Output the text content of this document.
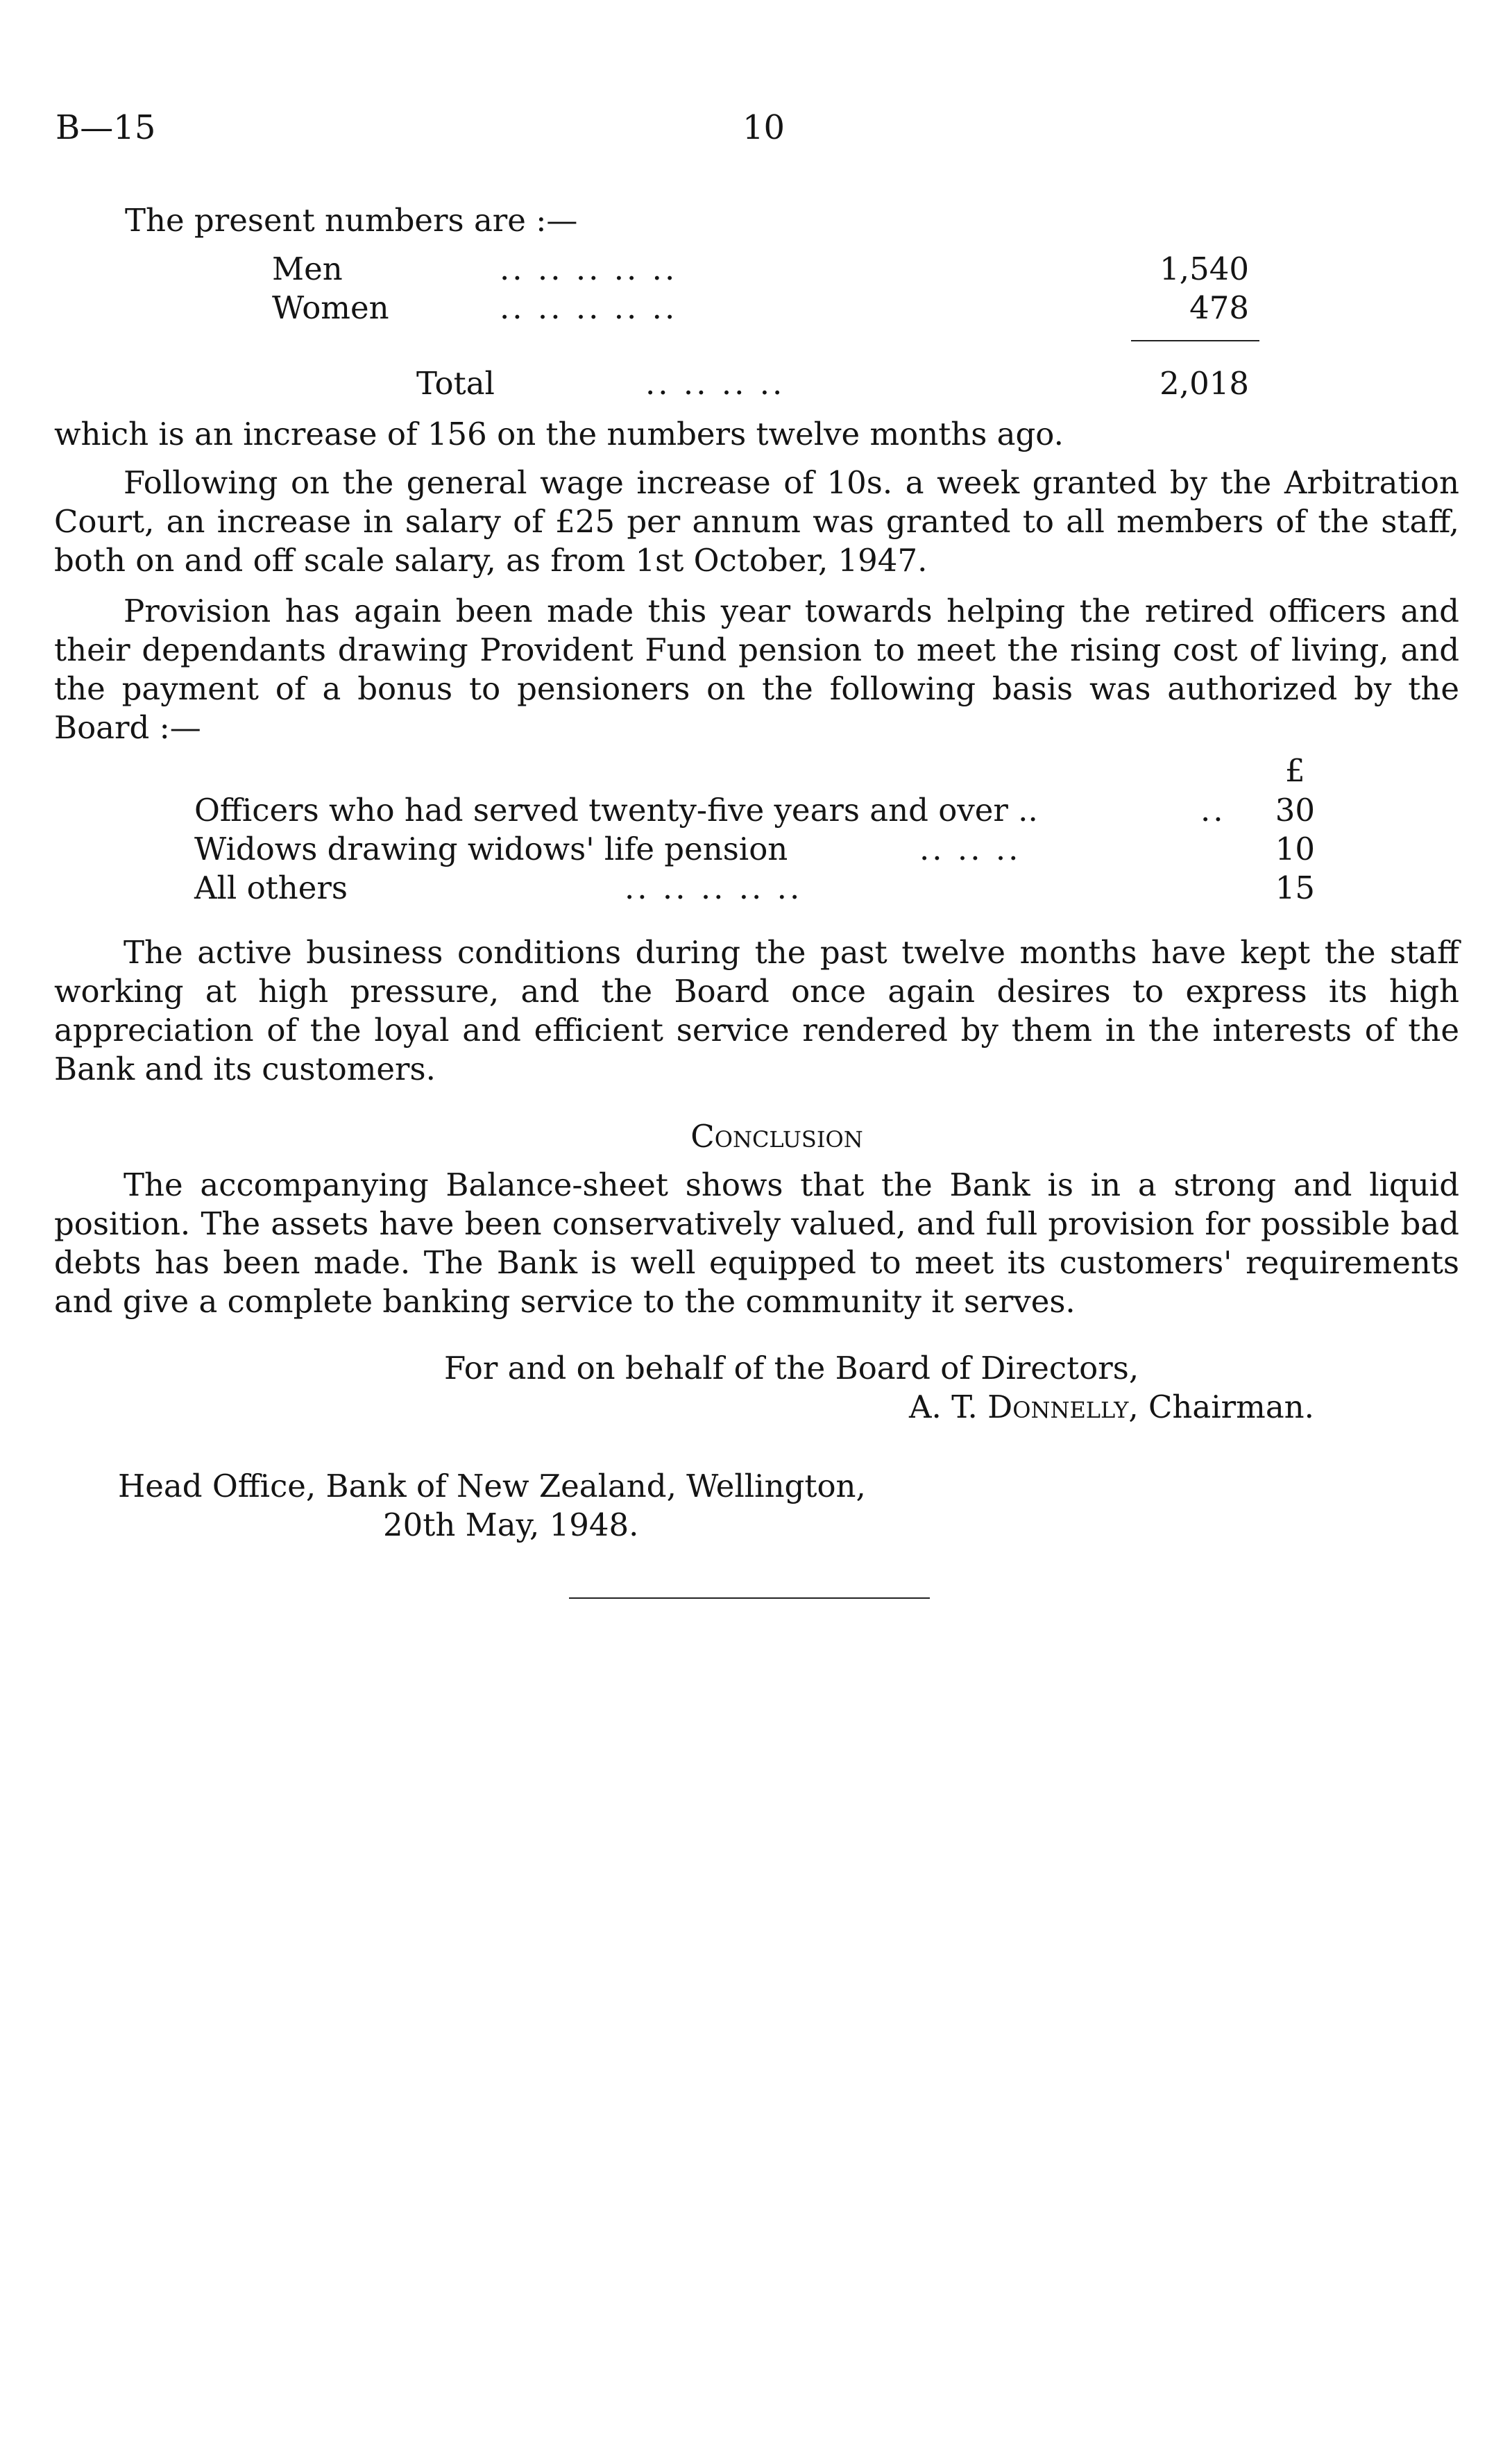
B—15	10
The present numbers are :—
Men	.. .. .. .. ..	1,540
Women	.. .. .. .. ..	478
Total	.. .. .. ..	2,018
which is an increase of 156 on the numbers twelve months ago.
Following on the general wage increase of 10s. a week granted by the Arbitration Court, an increase in salary of £25 per annum was granted to all members of the staff, both on and off scale salary, as from 1st October, 1947.
Provision has again been made this year towards helping the retired officers and their dependants drawing Provident Fund pension to meet the rising cost of living, and the payment of a bonus to pensioners on the following basis was authorized by the Board :—
£
Officers who had served twenty-five years and over ..	..	30
Widows drawing widows' life pension	.. .. ..	10
All others	.. .. .. .. ..	15
The active business conditions during the past twelve months have kept the staff working at high pressure, and the Board once again desires to express its high appreciation of the loyal and efficient service rendered by them in the interests of the Bank and its customers.
Conclusion
The accompanying Balance-sheet shows that the Bank is in a strong and liquid position. The assets have been conservatively valued, and full provision for possible bad debts has been made. The Bank is well equipped to meet its customers' requirements and give a complete banking service to the community it serves.
For and on behalf of the Board of Directors,
A. T. Donnelly, Chairman.
Head Office, Bank of New Zealand, Wellington,
20th May, 1948.
